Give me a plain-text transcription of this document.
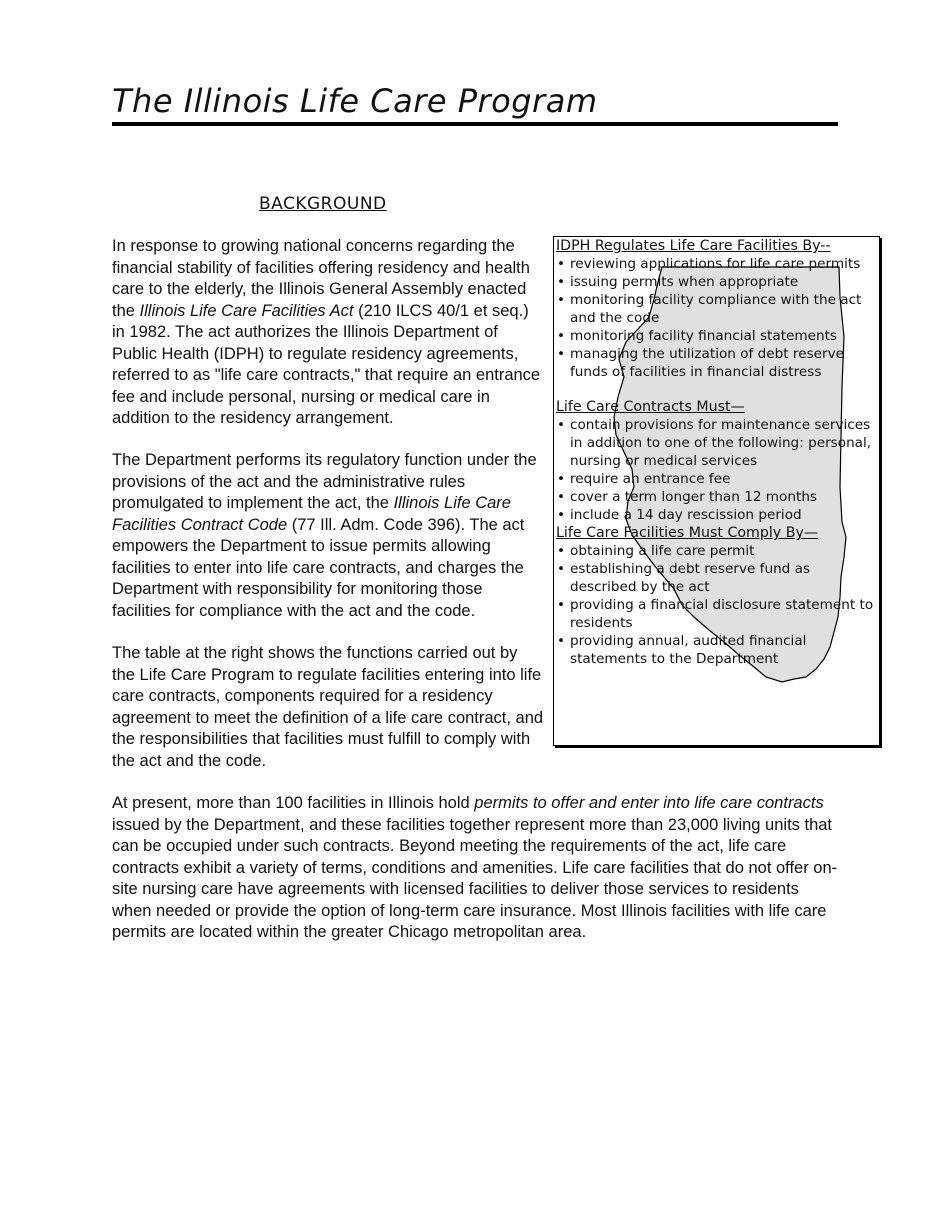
The Illinois Life Care Program
BACKGROUND

In response to growing national concerns regarding the financial stability of facilities offering residency and health care to the elderly, the Illinois General Assembly enacted the Illinois Life Care Facilities Act (210 ILCS 40/1 et seq.) in 1982. The act authorizes the Illinois Department of Public Health (IDPH) to regulate residency agreements, referred to as "life care contracts," that require an entrance fee and include personal, nursing or medical care in addition to the residency arrangement.

The Department performs its regulatory function under the provisions of the act and the administrative rules promulgated to implement the act, the Illinois Life Care Facilities Contract Code (77 Ill. Adm. Code 396). The act empowers the Department to issue permits allowing facilities to enter into life care contracts, and charges the Department with responsibility for monitoring those facilities for compliance with the act and the code.

The table at the right shows the functions carried out by the Life Care Program to regulate facilities entering into life care contracts, components required for a residency agreement to meet the definition of a life care contract, and the responsibilities that facilities must fulfill to comply with the act and the code.

At present, more than 100 facilities in Illinois hold permits to offer and enter into life care contracts issued by the Department, and these facilities together represent more than 23,000 living units that can be occupied under such contracts. Beyond meeting the requirements of the act, life care contracts exhibit a variety of terms, conditions and amenities. Life care facilities that do not offer on-site nursing care have agreements with licensed facilities to deliver those services to residents when needed or provide the option of long-term care insurance. Most Illinois facilities with life care permits are located within the greater Chicago metropolitan area.

IDPH Regulates Life Care Facilities By--
• reviewing applications for life care permits
• issuing permits when appropriate
• monitoring facility compliance with the act and the code
• monitoring facility financial statements
• managing the utilization of debt reserve funds of facilities in financial distress
Life Care Contracts Must—
• contain provisions for maintenance services in addition to one of the following: personal, nursing or medical services
• require an entrance fee
• cover a term longer than 12 months
• include a 14 day rescission period
Life Care Facilities Must Comply By—
• obtaining a life care permit
• establishing a debt reserve fund as described by the act
• providing a financial disclosure statement to residents
• providing annual, audited financial statements to the Department
